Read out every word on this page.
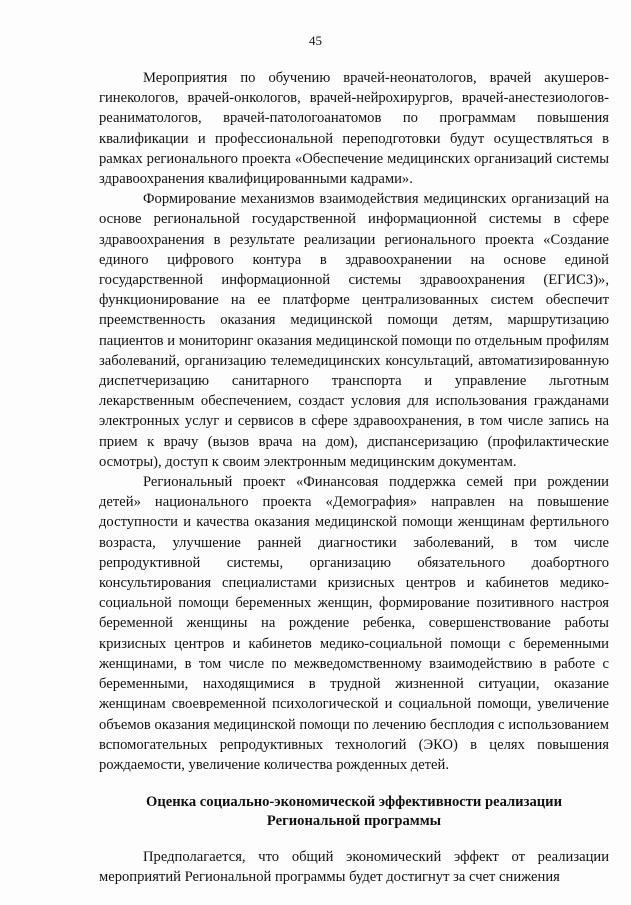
45

Мероприятия по обучению врачей-неонатологов, врачей акушеров-гинекологов, врачей-онкологов, врачей-нейрохирургов, врачей-анестезиологов-реаниматологов, врачей-патологоанатомов по программам повышения квалификации и профессиональной переподготовки будут осуществляться в рамках регионального проекта «Обеспечение медицинских организаций системы здравоохранения квалифицированными кадрами».

Формирование механизмов взаимодействия медицинских организаций на основе региональной государственной информационной системы в сфере здравоохранения в результате реализации регионального проекта «Создание единого цифрового контура в здравоохранении на основе единой государственной информационной системы здравоохранения (ЕГИСЗ)», функционирование на ее платформе централизованных систем обеспечит преемственность оказания медицинской помощи детям, маршрутизацию пациентов и мониторинг оказания медицинской помощи по отдельным профилям заболеваний, организацию телемедицинских консультаций, автоматизированную диспетчеризацию санитарного транспорта и управление льготным лекарственным обеспечением, создаст условия для использования гражданами электронных услуг и сервисов в сфере здравоохранения, в том числе запись на прием к врачу (вызов врача на дом), диспансеризацию (профилактические осмотры), доступ к своим электронным медицинским документам.

Региональный проект «Финансовая поддержка семей при рождении детей» национального проекта «Демография» направлен на повышение доступности и качества оказания медицинской помощи женщинам фертильного возраста, улучшение ранней диагностики заболеваний, в том числе репродуктивной системы, организацию обязательного доабортного консультирования специалистами кризисных центров и кабинетов медико-социальной помощи беременных женщин, формирование позитивного настроя беременной женщины на рождение ребенка, совершенствование работы кризисных центров и кабинетов медико-социальной помощи с беременными женщинами, в том числе по межведомственному взаимодействию в работе с беременными, находящимися в трудной жизненной ситуации, оказание женщинам своевременной психологической и социальной помощи, увеличение объемов оказания медицинской помощи по лечению бесплодия с использованием вспомогательных репродуктивных технологий (ЭКО) в целях повышения рождаемости, увеличение количества рожденных детей.

Оценка социально-экономической эффективности реализации
Региональной программы

Предполагается, что общий экономический эффект от реализации мероприятий Региональной программы будет достигнут за счет снижения
